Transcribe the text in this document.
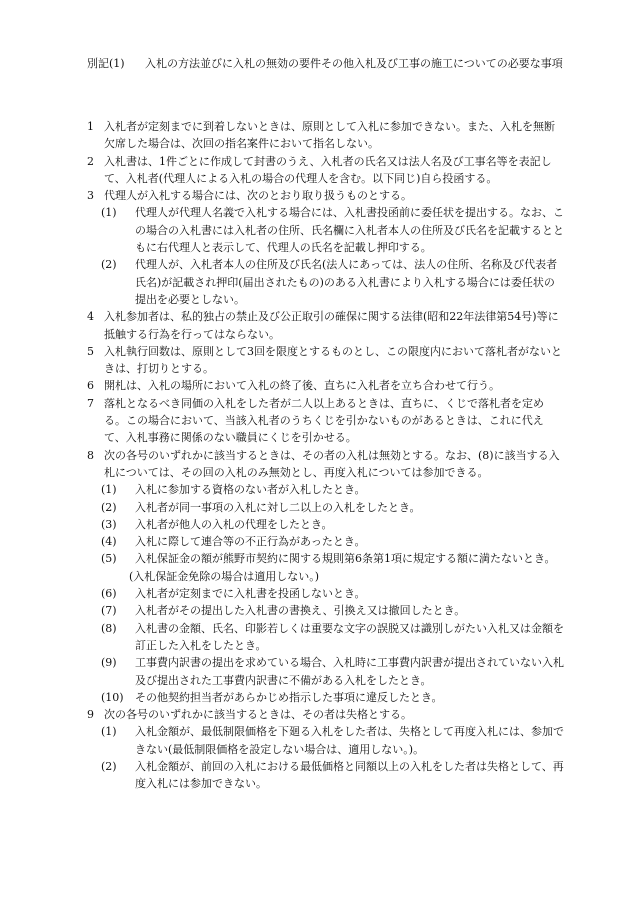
別記(1) 入札の方法並びに入札の無効の要件その他入札及び工事の施工についての必要な事項
1 入札者が定刻までに到着しないときは、原則として入札に参加できない。また、入札を無断欠席した場合は、次回の指名案件において指名しない。
2 入札書は、1件ごとに作成して封書のうえ、入札者の氏名又は法人名及び工事名等を表記して、入札者(代理人による入札の場合の代理人を含む。以下同じ)自ら投函する。
3 代理人が入札する場合には、次のとおり取り扱うものとする。
(1) 代理人が代理人名義で入札する場合には、入札書投函前に委任状を提出する。なお、この場合の入札書には入札者の住所、氏名欄に入札者本人の住所及び氏名を記載するとともに右代理人と表示して、代理人の氏名を記載し押印する。
(2) 代理人が、入札者本人の住所及び氏名(法人にあっては、法人の住所、名称及び代表者氏名)が記載され押印(届出されたもの)のある入札書により入札する場合には委任状の提出を必要としない。
4 入札参加者は、私的独占の禁止及び公正取引の確保に関する法律(昭和22年法律第54号)等に抵触する行為を行ってはならない。
5 入札執行回数は、原則として3回を限度とするものとし、この限度内において落札者がないときは、打切りとする。
6 開札は、入札の場所において入札の終了後、直ちに入札者を立ち合わせて行う。
7 落札となるべき同価の入札をした者が二人以上あるときは、直ちに、くじで落札者を定める。この場合において、当該入札者のうちくじを引かないものがあるときは、これに代えて、入札事務に関係のない職員にくじを引かせる。
8 次の各号のいずれかに該当するときは、その者の入札は無効とする。なお、(8)に該当する入札については、その回の入札のみ無効とし、再度入札については参加できる。
(1) 入札に参加する資格のない者が入札したとき。
(2) 入札者が同一事項の入札に対し二以上の入札をしたとき。
(3) 入札者が他人の入札の代理をしたとき。
(4) 入札に際して連合等の不正行為があったとき。
(5) 入札保証金の額が熊野市契約に関する規則第6条第1項に規定する額に満たないとき。
(入札保証金免除の場合は適用しない。)
(6) 入札者が定刻までに入札書を投函しないとき。
(7) 入札者がその提出した入札書の書換え、引換え又は撤回したとき。
(8) 入札書の金額、氏名、印影若しくは重要な文字の誤脱又は識別しがたい入札又は金額を訂正した入札をしたとき。
(9) 工事費内訳書の提出を求めている場合、入札時に工事費内訳書が提出されていない入札及び提出された工事費内訳書に不備がある入札をしたとき。
(10) その他契約担当者があらかじめ指示した事項に違反したとき。
9 次の各号のいずれかに該当するときは、その者は失格とする。
(1) 入札金額が、最低制限価格を下廻る入札をした者は、失格として再度入札には、参加できない(最低制限価格を設定しない場合は、適用しない。)。
(2) 入札金額が、前回の入札における最低価格と同額以上の入札をした者は失格として、再度入札には参加できない。
